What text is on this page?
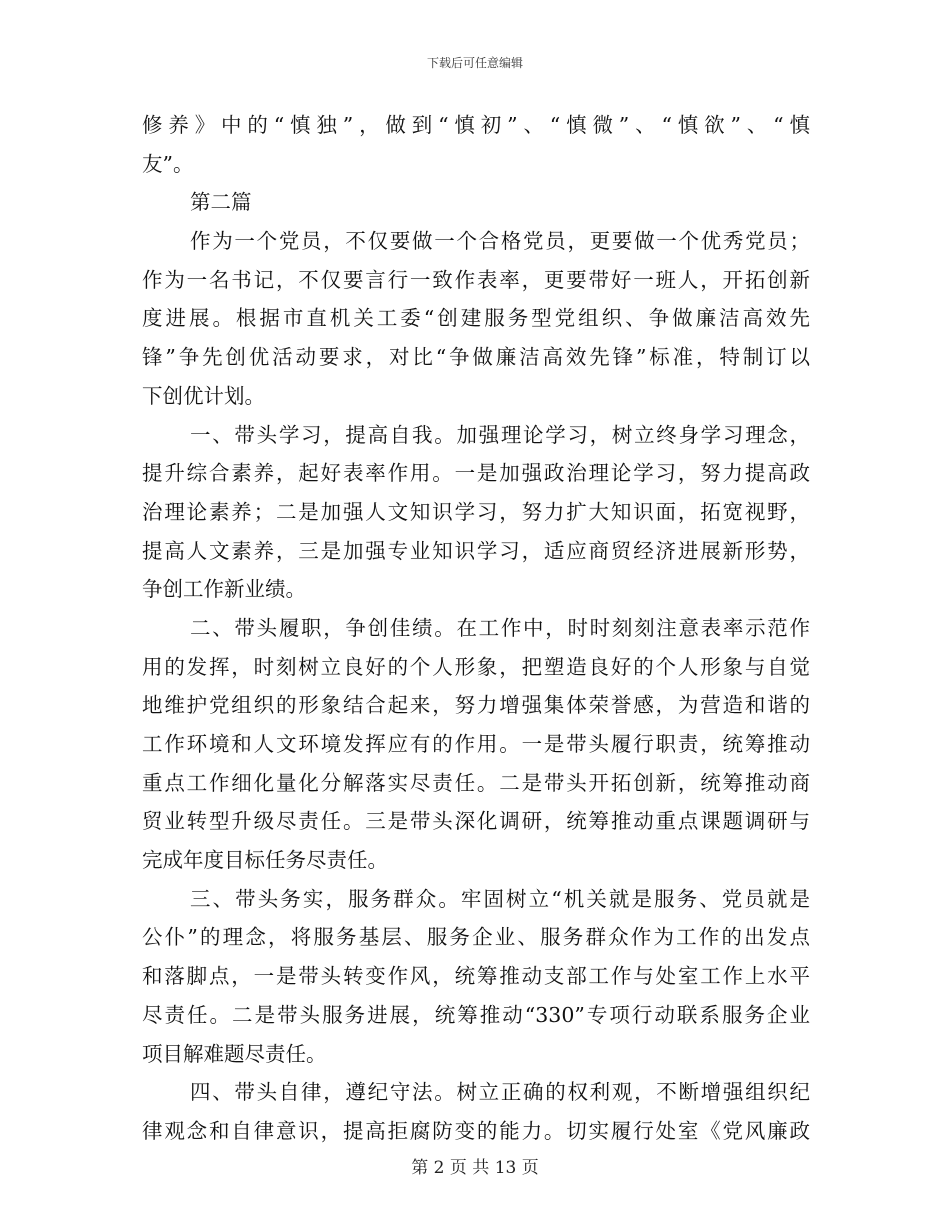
下载后可任意编辑
修养》中的“慎独”，做到“慎初”、“慎微”、“慎欲”、“慎
友”。
第二篇
作为一个党员，不仅要做一个合格党员，更要做一个优秀党员；
作为一名书记，不仅要言行一致作表率，更要带好一班人，开拓创新
度进展。根据市直机关工委“创建服务型党组织、争做廉洁高效先
锋”争先创优活动要求，对比“争做廉洁高效先锋”标准，特制订以
下创优计划。
一、带头学习，提高自我。加强理论学习，树立终身学习理念，
提升综合素养，起好表率作用。一是加强政治理论学习，努力提高政
治理论素养；二是加强人文知识学习，努力扩大知识面，拓宽视野，
提高人文素养，三是加强专业知识学习，适应商贸经济进展新形势，
争创工作新业绩。
二、带头履职，争创佳绩。在工作中，时时刻刻注意表率示范作
用的发挥，时刻树立良好的个人形象，把塑造良好的个人形象与自觉
地维护党组织的形象结合起来，努力增强集体荣誉感，为营造和谐的
工作环境和人文环境发挥应有的作用。一是带头履行职责，统筹推动
重点工作细化量化分解落实尽责任。二是带头开拓创新，统筹推动商
贸业转型升级尽责任。三是带头深化调研，统筹推动重点课题调研与
完成年度目标任务尽责任。
三、带头务实，服务群众。牢固树立“机关就是服务、党员就是
公仆”的理念，将服务基层、服务企业、服务群众作为工作的出发点
和落脚点，一是带头转变作风，统筹推动支部工作与处室工作上水平
尽责任。二是带头服务进展，统筹推动“330”专项行动联系服务企业
项目解难题尽责任。
四、带头自律，遵纪守法。树立正确的权利观，不断增强组织纪
律观念和自律意识，提高拒腐防变的能力。切实履行处室《党风廉政
第 2 页 共 13 页
